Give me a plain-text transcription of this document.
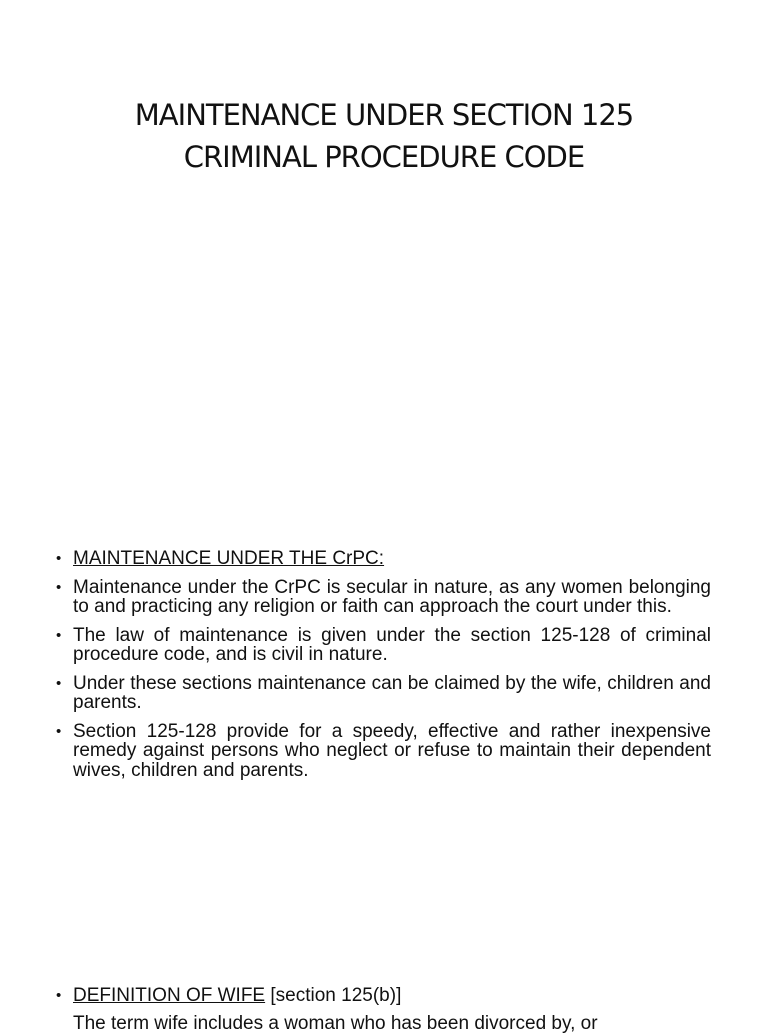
MAINTENANCE UNDER SECTION 125
CRIMINAL PROCEDURE CODE
• MAINTENANCE UNDER THE CrPC:
• Maintenance under the CrPC is secular in nature, as any women belonging to and practicing any religion or faith can approach the court under this.
• The law of maintenance is given under the section 125-128 of criminal procedure code, and is civil in nature.
• Under these sections maintenance can be claimed by the wife, children and parents.
• Section 125-128 provide for a speedy, effective and rather inexpensive remedy against persons who neglect or refuse to maintain their dependent wives, children and parents.
• DEFINITION OF WIFE [section 125(b)]
The term wife includes a woman who has been divorced by, or
